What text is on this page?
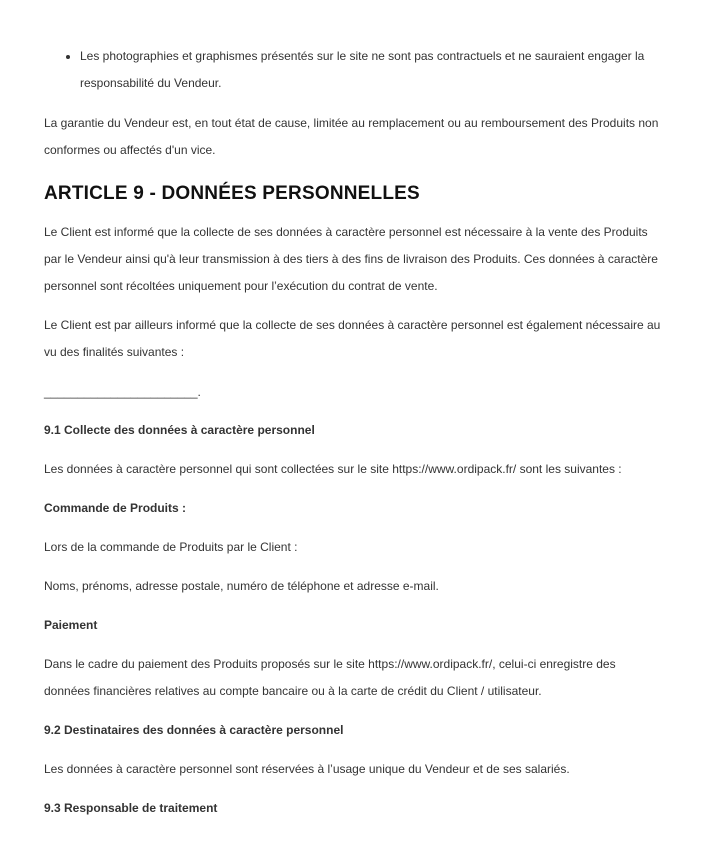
• Les photographies et graphismes présentés sur le site ne sont pas contractuels et ne sauraient engager la responsabilité du Vendeur.

La garantie du Vendeur est, en tout état de cause, limitée au remplacement ou au remboursement des Produits non conformes ou affectés d'un vice.

ARTICLE 9 - DONNÉES PERSONNELLES

Le Client est informé que la collecte de ses données à caractère personnel est nécessaire à la vente des Produits par le Vendeur ainsi qu'à leur transmission à des tiers à des fins de livraison des Produits. Ces données à caractère personnel sont récoltées uniquement pour l’exécution du contrat de vente.

Le Client est par ailleurs informé que la collecte de ses données à caractère personnel est également nécessaire au vu des finalités suivantes :

_______________________.

9.1 Collecte des données à caractère personnel

Les données à caractère personnel qui sont collectées sur le site https://www.ordipack.fr/ sont les suivantes :

Commande de Produits :

Lors de la commande de Produits par le Client :

Noms, prénoms, adresse postale, numéro de téléphone et adresse e-mail.

Paiement

Dans le cadre du paiement des Produits proposés sur le site https://www.ordipack.fr/, celui-ci enregistre des données financières relatives au compte bancaire ou à la carte de crédit du Client / utilisateur.

9.2 Destinataires des données à caractère personnel

Les données à caractère personnel sont réservées à l’usage unique du Vendeur et de ses salariés.

9.3 Responsable de traitement
